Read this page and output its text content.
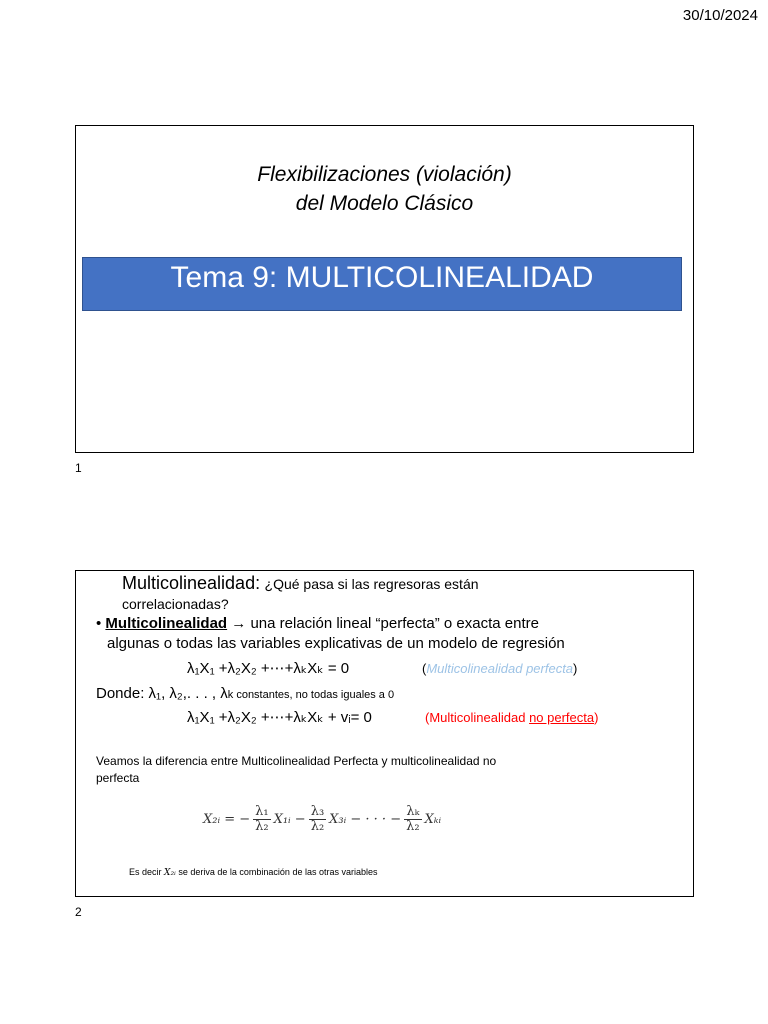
30/10/2024
Flexibilizaciones (violación)
del Modelo Clásico
Tema 9: MULTICOLINEALIDAD
1
Multicolinealidad: ¿Qué pasa si las regresoras están
correlacionadas?
• Multicolinealidad → una relación lineal “perfecta” o exacta entre
algunas o todas las variables explicativas de un modelo de regresión
λ₁X₁ +λ₂X₂ +⋯+λₖXₖ = 0	(Multicolinealidad perfecta)
Donde: λ₁, λ₂,. . . , λk constantes, no todas iguales a 0
λ₁X₁ +λ₂X₂ +⋯+λₖXₖ + vᵢ= 0	(Multicolinealidad no perfecta)
Veamos la diferencia entre Multicolinealidad Perfecta y multicolinealidad no
perfecta
X₂ᵢ = − $\frac{\text{λ₁}}{\text{λ₂}}$ X₁ᵢ − $\frac{\text{λ₃}}{\text{λ₂}}$ X₃ᵢ − · · · − $\frac{\text{λₖ}}{\text{λ₂}}$ Xₖᵢ
Es decir X₂ᵢ se deriva de la combinación de las otras variables
2
